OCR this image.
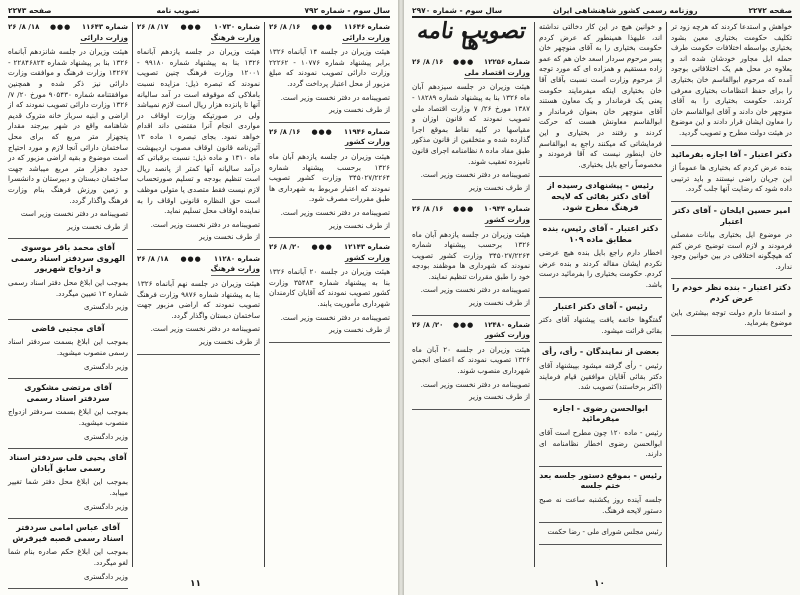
سال سوم - شماره ۷۹۲
تصویب نامه
صفحه ۲۲۷۳
شماره ۱۱۶۴۶
●●●
۱۶/ ۸/ ۲۶
وزارت دارائی
هیئت وزیران در جلسه ۱۴ آبانماه ۱۳۲۶ برابر پیشنهاد شماره ۱۰۷۷۶ - ۲۲۲۶۲ وزارت دارائی تصویب نمودند که مبلغ مزبور از محل اعتبار پرداخت گردد.
تصویبنامه در دفتر نخست وزیر است.
از طرف نخست وزیر
شماره ۱۱۹۴۶
●●●
۱۶/ ۸/ ۲۶
وزارت کشور
هیئت وزیران در جلسه یازدهم آبان ماه ۱۳۲۶ برحسب پیشنهاد شماره ۳۴۵۰۲۷/۲۲۶۴ وزارت کشور تصویب نمودند که اعتبار مربوط به شهرداری ها طبق مقررات مصرف شود.
تصویبنامه در دفتر نخست وزیر است.
از طرف نخست وزیر
شماره ۱۲۱۴۳
●●●
۲۰/ ۸/ ۲۶
وزارت کشور
هیئت وزیران در جلسه ۲۰ آبانماه ۱۳۲۶ بنا به پیشنهاد شماره ۳۵۴۸۳ وزارت کشور تصویب نمودند که آقایان کارمندان شهرداری مأموریت یابند.
تصویبنامه در دفتر نخست وزیر است.
از طرف نخست وزیر
شماره ۱۰۷۳۰
●●●
۱۷/ ۸/ ۲۶
وزارت فرهنگ
هیئت وزیران در جلسه یازدهم آبانماه ۱۳۲۶ بنا به پیشنهاد شماره ۹۹۱۸۰ - ۱۲۰۰۱ وزارت فرهنگ چنین تصویب نمودند که تبصره ذیل: مزایده نسبت باملاکی که موقوفه است در آمد سالیانه آنها تا پانزده هزار ریال است لازم نمیباشد ولی در صورتیکه وزارت اوقاف در مواردی انجام آنرا مقتضی داند اقدام خواهد نمود. بجای تبصره ۱ ماده ۱۳ آئین‌نامه قانون اوقاف مصوب اردیبهشت ماه ۱۳۱۰ و ماده ذیل: نسبت برقباتی که درآمد سالیانه آنها کمتر از پانصد ریال است تنظیم بودجه و تسلیم صورتحساب لازم نیست فقط متصدی یا متولی موظف است حق النظاره قانونی اوقاف را به نماینده اوقاف محل تسلیم نماید.
تصویبنامه در دفتر نخست وزیر است.
از طرف نخست وزیر
شماره ۱۱۲۸۰
●●●
۱۸/ ۸/ ۲۶
وزارت فرهنگ
هیئت وزیران در جلسه نهم آبانماه ۱۳۲۶ بنا به پیشنهاد شماره ۹۸۷۶ وزارت فرهنگ تصویب نمودند که اراضی مزبور جهت ساختمان دبستان واگذار گردد.
تصویبنامه در دفتر نخست وزیر است.
از طرف نخست وزیر
شماره ۱۱۶۴۳
●●●
۱۸/ ۸/ ۲۶
وزارت دارائی
هیئت وزیران در جلسه شانزدهم آبانماه ۱۳۲۶ بنا بر پیشنهاد شماره ۲۲۸۴۶۸۲۳ - ۱۴۲۶۷ وزارت فرهنگ و موافقت وزارت دارائی نیز ذکر شده و همچنین موافقتنامه شماره ۹۰۵۴۳۰ مورخ ۲۰/ ۷/ ۱۳۲۶ وزارت دارائی تصویب نمودند که از اراضی و ابنیه سرباز خانه متروک قدیم شاهنامه واقع در شهر بیرجند مقدار پنجهزار متر مربع که برای محل ساختمان دارائی آنجا لازم و مورد احتیاج است موضوع و بقیه اراضی مزبور که در حدود دهزار متر مربع میباشد جهت ساختمان دبستان و دبیرستان و دانشسرا و زمین ورزش فرهنگ بنام وزارت فرهنگ واگذار گردد.
تصویبنامه در دفتر نخست وزیر است
از طرف نخست وزیر
آقای محمد باقر موسوی الهروی سردفتر اسناد رسمی و ازدواج شهریور
بموجب این ابلاغ محل دفتر اسناد رسمی شماره ۱۲ تعیین میگردد.
وزیر دادگستری
آقای مجتبی قاضی
بموجب این ابلاغ بسمت سردفتر اسناد رسمی منصوب میشوید.
وزیر دادگستری
آقای مرتضی مشکوری سردفتر اسناد رسمی
بموجب این ابلاغ بسمت سردفتر ازدواج منصوب میشوید.
وزیر دادگستری
آقای یحیی قلی سردفتر اسناد رسمی سابق آبادان
بموجب این ابلاغ محل دفتر شما تغییر مییابد.
وزیر دادگستری
آقای عباس امامی سردفتر اسناد رسمی قصبه فیرفرش
بموجب این ابلاغ حکم صادره بنام شما لغو میگردد.
وزیر دادگستری
۱۱
صفحه ۲۲۷۲
روزنامه رسمی کشور شاهنشاهی ایران
سال سوم - شماره ۲۹۷۰
خواهش و استدعا کردند که هرچه زود تر تکلیف حکومت بختیاری معین بشود بختیاری بواسطه اختلافات حکومت طرف حمله ایل مجاور خودشان شده اند و بعلاوه در محل هم یک اختلافاتی بوجود آمده که مرحوم ابوالقاسم خان بختیاری را برای حفظ انتظامات بختیاری معرفی کردند. حکومت بختیاری را به آقای منوچهر خان دادند و آقای ابوالقاسم خان را معاون ایشان قرار دادند و این موضوع در هیئت دولت مطرح و تصویب گردید.
دکتر اعتبار - آقا اجازه بفرمائید
بنده عرض کردم که بختیاری ها عموماً از این جریان راضی نیستند و باید ترتیبی داده شود که رضایت آنها جلب گردد.
امیر حسین ایلخان - آقای دکتر اعتبار
در موضوع ایل بختیاری بیانات مفصلی فرمودند و لازم است توضیح عرض کنم که هیچگونه اختلافی در بین خوانین وجود ندارد.
دکتر اعتبار - بنده نظر خودم را عرض کردم
و استدعا دارم دولت توجه بیشتری باین موضوع بفرماید.
و خوانین هیچ در این کار دخالتی نداشته اند، علیهذا همینطور که عرض کردم حکومت بختیاری را به آقای منوچهر خان پسر مرحوم سردار اسعد خان هم که عمو زاده مستقیم و همزاده ای که مورد توجه از مرحوم وزارت است نسبت بآقای آقا خان بختیاری اینکه میفرمایند حکومت یعنی یک فرماندار و یک معاون هستند آقای منوچهر خان بعنوان فرماندار و ابوالقاسم معاونش هست که حرکت کردند و رفتند در بختیاری و این فرمایشاتی که میکنند راجع به ابوالقاسم خان اینطور نیست که آقا فرمودند و مخصوصاً راجع بایل بختیاری.
رئیس - پیشنهادی رسیده از آقای دکتر بقائی که لایحه فرهنگ مطرح شود.
دکتر اعتبار - آقای رئیس، بنده مطابق ماده ۱۰۹
اخطار دارم راجع بایل بنده هیچ عرضی نکردم ایشان مقاله کردند و بنده عرض کردم. حکومت بختیاری را بفرمائید درست باشد.
رئیس - آقای دکتر اعتبار
گفتگوها خاتمه یافت پیشنهاد آقای دکتر بقائی قرائت میشود.
بعضی از نمایندگان - رأی، رأی
رئیس - رأی گرفته میشود بپیشنهاد آقای دکتر بقائی آقایان موافقین قیام فرمایند (اکثر برخاستند) تصویب شد.
ابوالحسن رضوی - اجازه میفرمائید
رئیس - ماده ۱۲۰ چون مطرح است آقای ابوالحسن رضوی اخطار نظامنامه ای دارند.
رئیس - بموقع دستور جلسه بعد ختم جلسه
جلسه آینده روز یکشنبه ساعت نه صبح دستور لایحه فرهنگ.
رئیس مجلس شورای ملی - رضا حکمت
تصویب نامه ها
شماره ۱۲۲۵۶
●●●
۱۶/ ۸/ ۲۶
وزارت اقتصاد ملی
هیئت وزیران در جلسه سیزدهم آبان ماه ۱۳۲۶ بنا به پیشنهاد شماره ۱۸۲۸۹ - ۱۳۸۷ مورخ ۲۶/ ۷ وزارت اقتصاد ملی تصویب نمودند که قانون اوزان و مقیاسها در کلیه نقاط بموقع اجرا گذارده شده و متخلفین از قانون مذکور طبق مفاد ماده ۸ نظامنامه اجرای قانون تامیزده تعقیب شوند.
تصویبنامه در دفتر نخست وزیر است.
از طرف نخست وزیر
شماره ۱۰۹۴۴
●●●
۱۶/ ۸/ ۲۶
وزارت کشور
هیئت وزیران در جلسه یازدهم آبان ماه ۱۳۲۶ برحسب پیشنهاد شماره ۳۴۵۰۲۷/۲۲۶۴ وزارت کشور تصویب نمودند که شهرداری ها موظفند بودجه خود را طبق مقررات تنظیم نمایند.
تصویبنامه در دفتر نخست وزیر است.
از طرف نخست وزیر
شماره ۱۲۴۸۰
●●●
۲۰/ ۸/ ۲۶
وزارت کشور
هیئت وزیران در جلسه ۲۰ آبان ماه ۱۳۲۶ تصویب نمودند که اعضای انجمن شهرداری منصوب شوند.
تصویبنامه در دفتر نخست وزیر است.
از طرف نخست وزیر
۱۰
